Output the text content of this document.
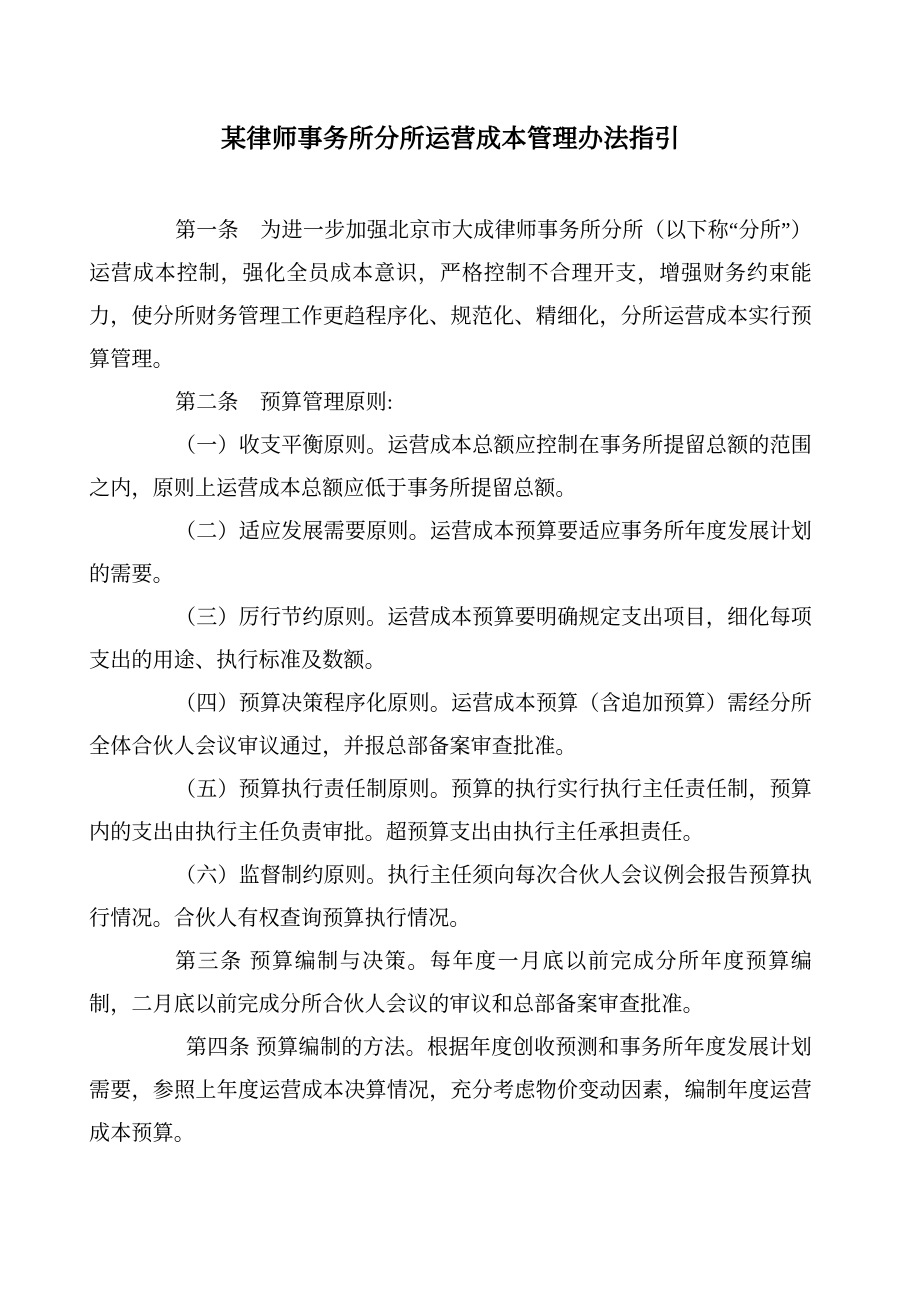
某律师事务所分所运营成本管理办法指引

第一条　为进一步加强北京市大成律师事务所分所（以下称“分所”）运营成本控制，强化全员成本意识，严格控制不合理开支，增强财务约束能力，使分所财务管理工作更趋程序化、规范化、精细化，分所运营成本实行预算管理。

第二条　预算管理原则:

（一）收支平衡原则。运营成本总额应控制在事务所提留总额的范围之内，原则上运营成本总额应低于事务所提留总额。

（二）适应发展需要原则。运营成本预算要适应事务所年度发展计划的需要。

（三）厉行节约原则。运营成本预算要明确规定支出项目，细化每项支出的用途、执行标准及数额。

（四）预算决策程序化原则。运营成本预算（含追加预算）需经分所全体合伙人会议审议通过，并报总部备案审查批准。

（五）预算执行责任制原则。预算的执行实行执行主任责任制，预算内的支出由执行主任负责审批。超预算支出由执行主任承担责任。

（六）监督制约原则。执行主任须向每次合伙人会议例会报告预算执行情况。合伙人有权查询预算执行情况。

第三条 预算编制与决策。每年度一月底以前完成分所年度预算编制，二月底以前完成分所合伙人会议的审议和总部备案审查批准。

 第四条 预算编制的方法。根据年度创收预测和事务所年度发展计划需要，参照上年度运营成本决算情况，充分考虑物价变动因素，编制年度运营成本预算。
